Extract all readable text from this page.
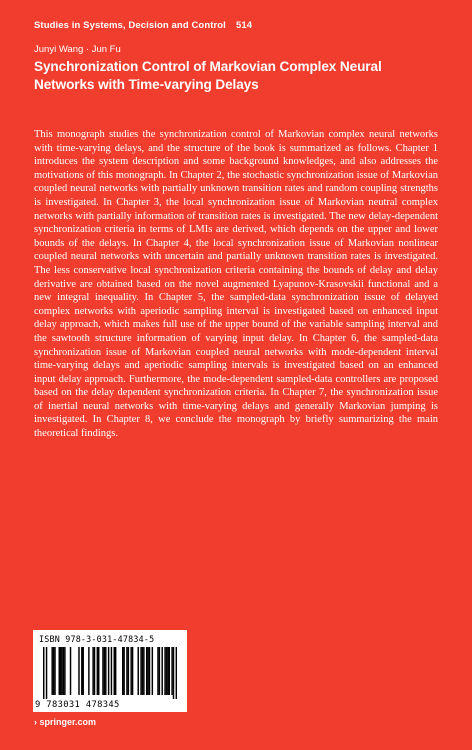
Studies in Systems, Decision and Control 514
Junyi Wang · Jun Fu
Synchronization Control of Markovian Complex Neural Networks with Time-varying Delays
This monograph studies the synchronization control of Markovian complex neural networks with time-varying delays, and the structure of the book is summarized as follows. Chapter 1 introduces the system description and some background knowledges, and also addresses the motivations of this monograph. In Chapter 2, the stochastic synchronization issue of Markovian coupled neural networks with partially unknown transition rates and random coupling strengths is investigated. In Chapter 3, the local synchronization issue of Markovian neutral complex networks with partially information of transition rates is investigated. The new delay-dependent synchronization criteria in terms of LMIs are derived, which depends on the upper and lower bounds of the delays. In Chapter 4, the local synchronization issue of Markovian nonlinear coupled neural networks with uncertain and partially unknown transition rates is investigated. The less conservative local synchronization criteria containing the bounds of delay and delay derivative are obtained based on the novel augmented Lyapunov-Krasovskii functional and a new integral inequality. In Chapter 5, the sampled-data synchronization issue of delayed complex networks with aperiodic sampling interval is investigated based on enhanced input delay approach, which makes full use of the upper bound of the variable sampling interval and the sawtooth structure information of varying input delay. In Chapter 6, the sampled-data synchronization issue of Markovian coupled neural networks with mode-dependent interval time-varying delays and aperiodic sampling intervals is investigated based on an enhanced input delay approach. Furthermore, the mode-dependent sampled-data controllers are proposed based on the delay dependent synchronization criteria. In Chapter 7, the synchronization issue of inertial neural networks with time-varying delays and generally Markovian jumping is investigated. In Chapter 8, we conclude the monograph by briefly summarizing the main theoretical findings.
ISBN 978-3-031-47834-5
9 783031 478345
› springer.com
